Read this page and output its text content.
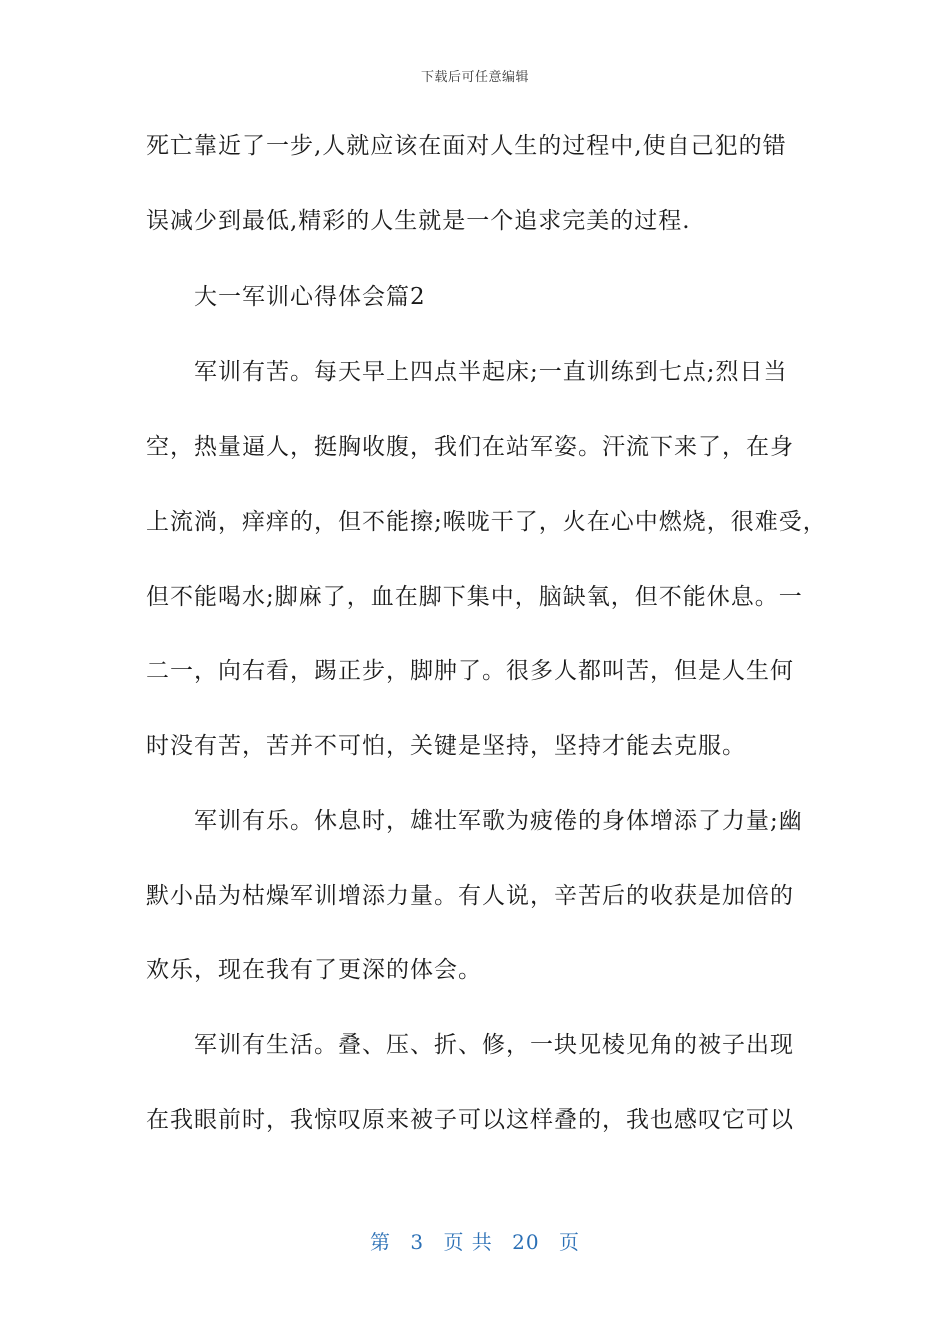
下载后可任意编辑
死亡靠近了一步,人就应该在面对人生的过程中,使自己犯的错
误减少到最低,精彩的人生就是一个追求完美的过程.
大一军训心得体会篇2
军训有苦。每天早上四点半起床;一直训练到七点;烈日当
空，热量逼人，挺胸收腹，我们在站军姿。汗流下来了，在身
上流淌，痒痒的，但不能擦;喉咙干了，火在心中燃烧，很难受，
但不能喝水;脚麻了，血在脚下集中，脑缺氧，但不能休息。一
二一，向右看，踢正步，脚肿了。很多人都叫苦，但是人生何
时没有苦，苦并不可怕，关键是坚持，坚持才能去克服。
军训有乐。休息时，雄壮军歌为疲倦的身体增添了力量;幽
默小品为枯燥军训增添力量。有人说，辛苦后的收获是加倍的
欢乐，现在我有了更深的体会。
军训有生活。叠、压、折、修，一块见棱见角的被子出现
在我眼前时，我惊叹原来被子可以这样叠的，我也感叹它可以
第 3 页 共 20 页
